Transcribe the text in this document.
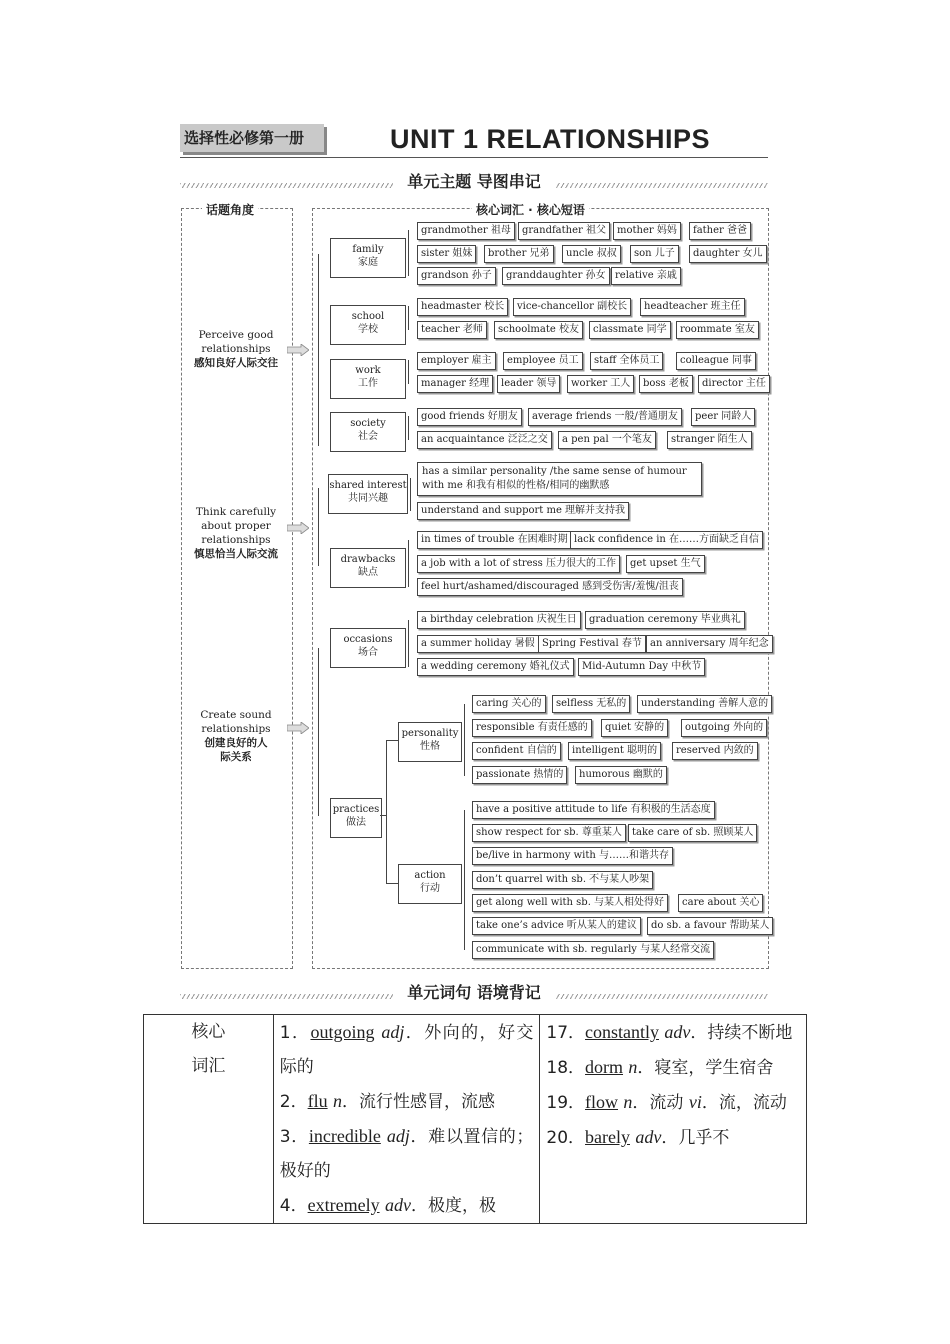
选择性必修第一册	UNIT 1 RELATIONSHIPS
单元主题 导图串记
话题角度	核心词汇 · 核心短语
Perceive good relationships
感知良好人际交往
Think carefully about proper relationships
慎思恰当人际交流
Create sound relationships
创建良好的人际关系
family
家庭
grandmother 祖母	grandfather 祖父	mother 妈妈	father 爸爸
sister 姐妹	brother 兄弟	uncle 叔叔	son 儿子	daughter 女儿
grandson 孙子	granddaughter 孙女 relative 亲戚
school
学校
headmaster 校长	vice-chancellor 副校长	headteacher 班主任
teacher 老师	schoolmate 校友	classmate 同学	roommate 室友
work
工作
employer 雇主	employee 员工	staff 全体员工	colleague 同事
manager 经理	leader 领导	worker 工人	boss 老板	director 主任
society
社会
good friends 好朋友	average friends 一般/普通朋友	peer 同龄人
an acquaintance 泛泛之交	a pen pal 一个笔友	stranger 陌生人
shared interest
共同兴趣
has a similar personality /the same sense of humour with me 和我有相似的性格/相同的幽默感
understand and support me 理解并支持我
drawbacks
缺点
in times of trouble 在困难时期 lack confidence in 在……方面缺乏自信
a job with a lot of stress 压力很大的工作	get upset 生气
feel hurt/ashamed/discouraged 感到受伤害/羞愧/沮丧
occasions
场合
a birthday celebration 庆祝生日	graduation ceremony 毕业典礼
a summer holiday 暑假 Spring Festival 春节 an anniversary 周年纪念
a wedding ceremony 婚礼仪式	Mid-Autumn Day 中秋节
practices
做法
personality
性格
caring 关心的	selfless 无私的	understanding 善解人意的
responsible 有责任感的	quiet 安静的	outgoing 外向的
confident 自信的	intelligent 聪明的	reserved 内敛的
passionate 热情的	humorous 幽默的
action
行动
have a positive attitude to life 有积极的生活态度
show respect for sb. 尊重某人	take care of sb. 照顾某人
be/live in harmony with 与……和谐共存
don’t quarrel with sb. 不与某人吵架
get along well with sb. 与某人相处得好	care about 关心
take one’s advice 听从某人的建议	do sb. a favour 帮助某人
communicate with sb. regularly 与某人经常交流
单元词句 语境背记
核心词汇

1．outgoing adj．外向的，好交际的
2．flu n．流行性感冒，流感
3．incredible adj．难以置信的；极好的
4．extremely adv．极度，极

17．constantly adv．持续不断地
18．dorm n．寝室，学生宿舍
19．flow n．流动 vi．流，流动
20．barely adv．几乎不
